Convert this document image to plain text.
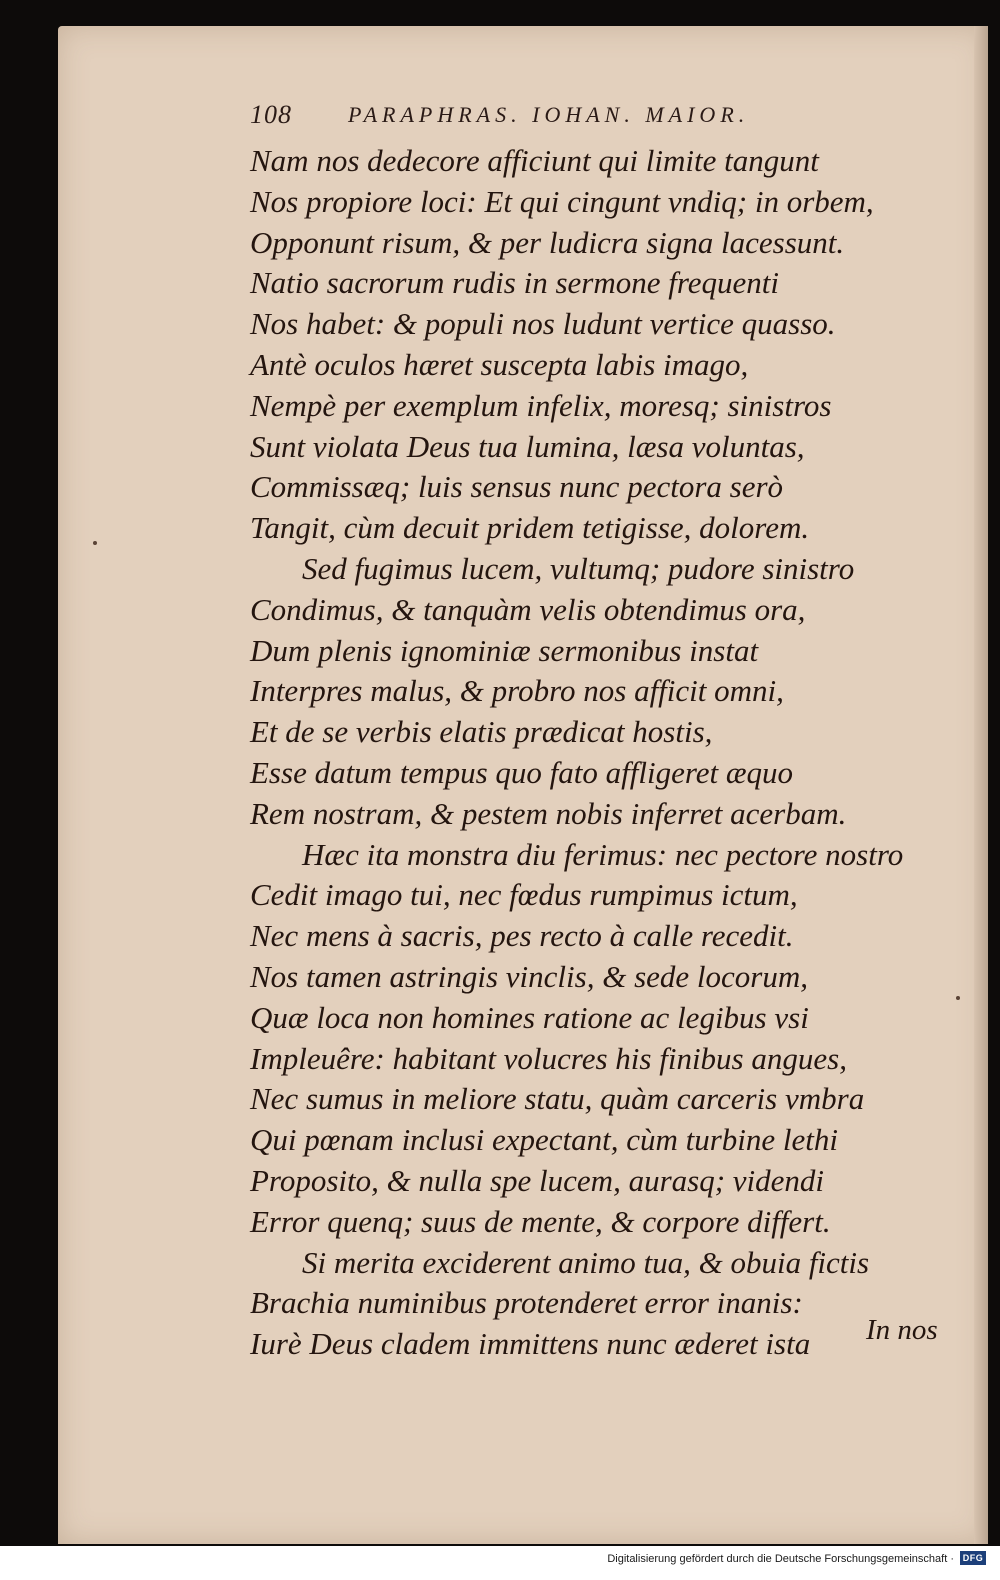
108	PARAPHRAS. IOHAN. MAIOR.
Nam nos dedecore afficiunt qui limite tangunt
Nos propiore loci: Et qui cingunt vndiq; in orbem,
Opponunt risum, & per ludicra signa lacessunt.
Natio sacrorum rudis in sermone frequenti
Nos habet: & populi nos ludunt vertice quasso.
Antè oculos hæret suscepta labis imago,
Nempè per exemplum infelix, moresq; sinistros
Sunt violata Deus tua lumina, læsa voluntas,
Commissæq; luis sensus nunc pectora serò
Tangit, cùm decuit pridem tetigisse, dolorem.
Sed fugimus lucem, vultumq; pudore sinistro
Condimus, & tanquàm velis obtendimus ora,
Dum plenis ignominiæ sermonibus instat
Interpres malus, & probro nos afficit omni,
Et de se verbis elatis prædicat hostis,
Esse datum tempus quo fato affligeret æquo
Rem nostram, & pestem nobis inferret acerbam.
Hæc ita monstra diu ferimus: nec pectore nostro
Cedit imago tui, nec fœdus rumpimus ictum,
Nec mens à sacris, pes recto à calle recedit.
Nos tamen astringis vinclis, & sede locorum,
Quæ loca non homines ratione ac legibus vsi
Impleuêre: habitant volucres his finibus angues,
Nec sumus in meliore statu, quàm carceris vmbra
Qui pœnam inclusi expectant, cùm turbine lethi
Proposito, & nulla spe lucem, aurasq; videndi
Error quenq; suus de mente, & corpore differt.
Si merita exciderent animo tua, & obuia fictis
Brachia numinibus protenderet error inanis:
Iurè Deus cladem immittens nunc æderet ista	In nos
Digitalisierung gefördert durch die Deutsche Forschungsgemeinschaft · DFG
